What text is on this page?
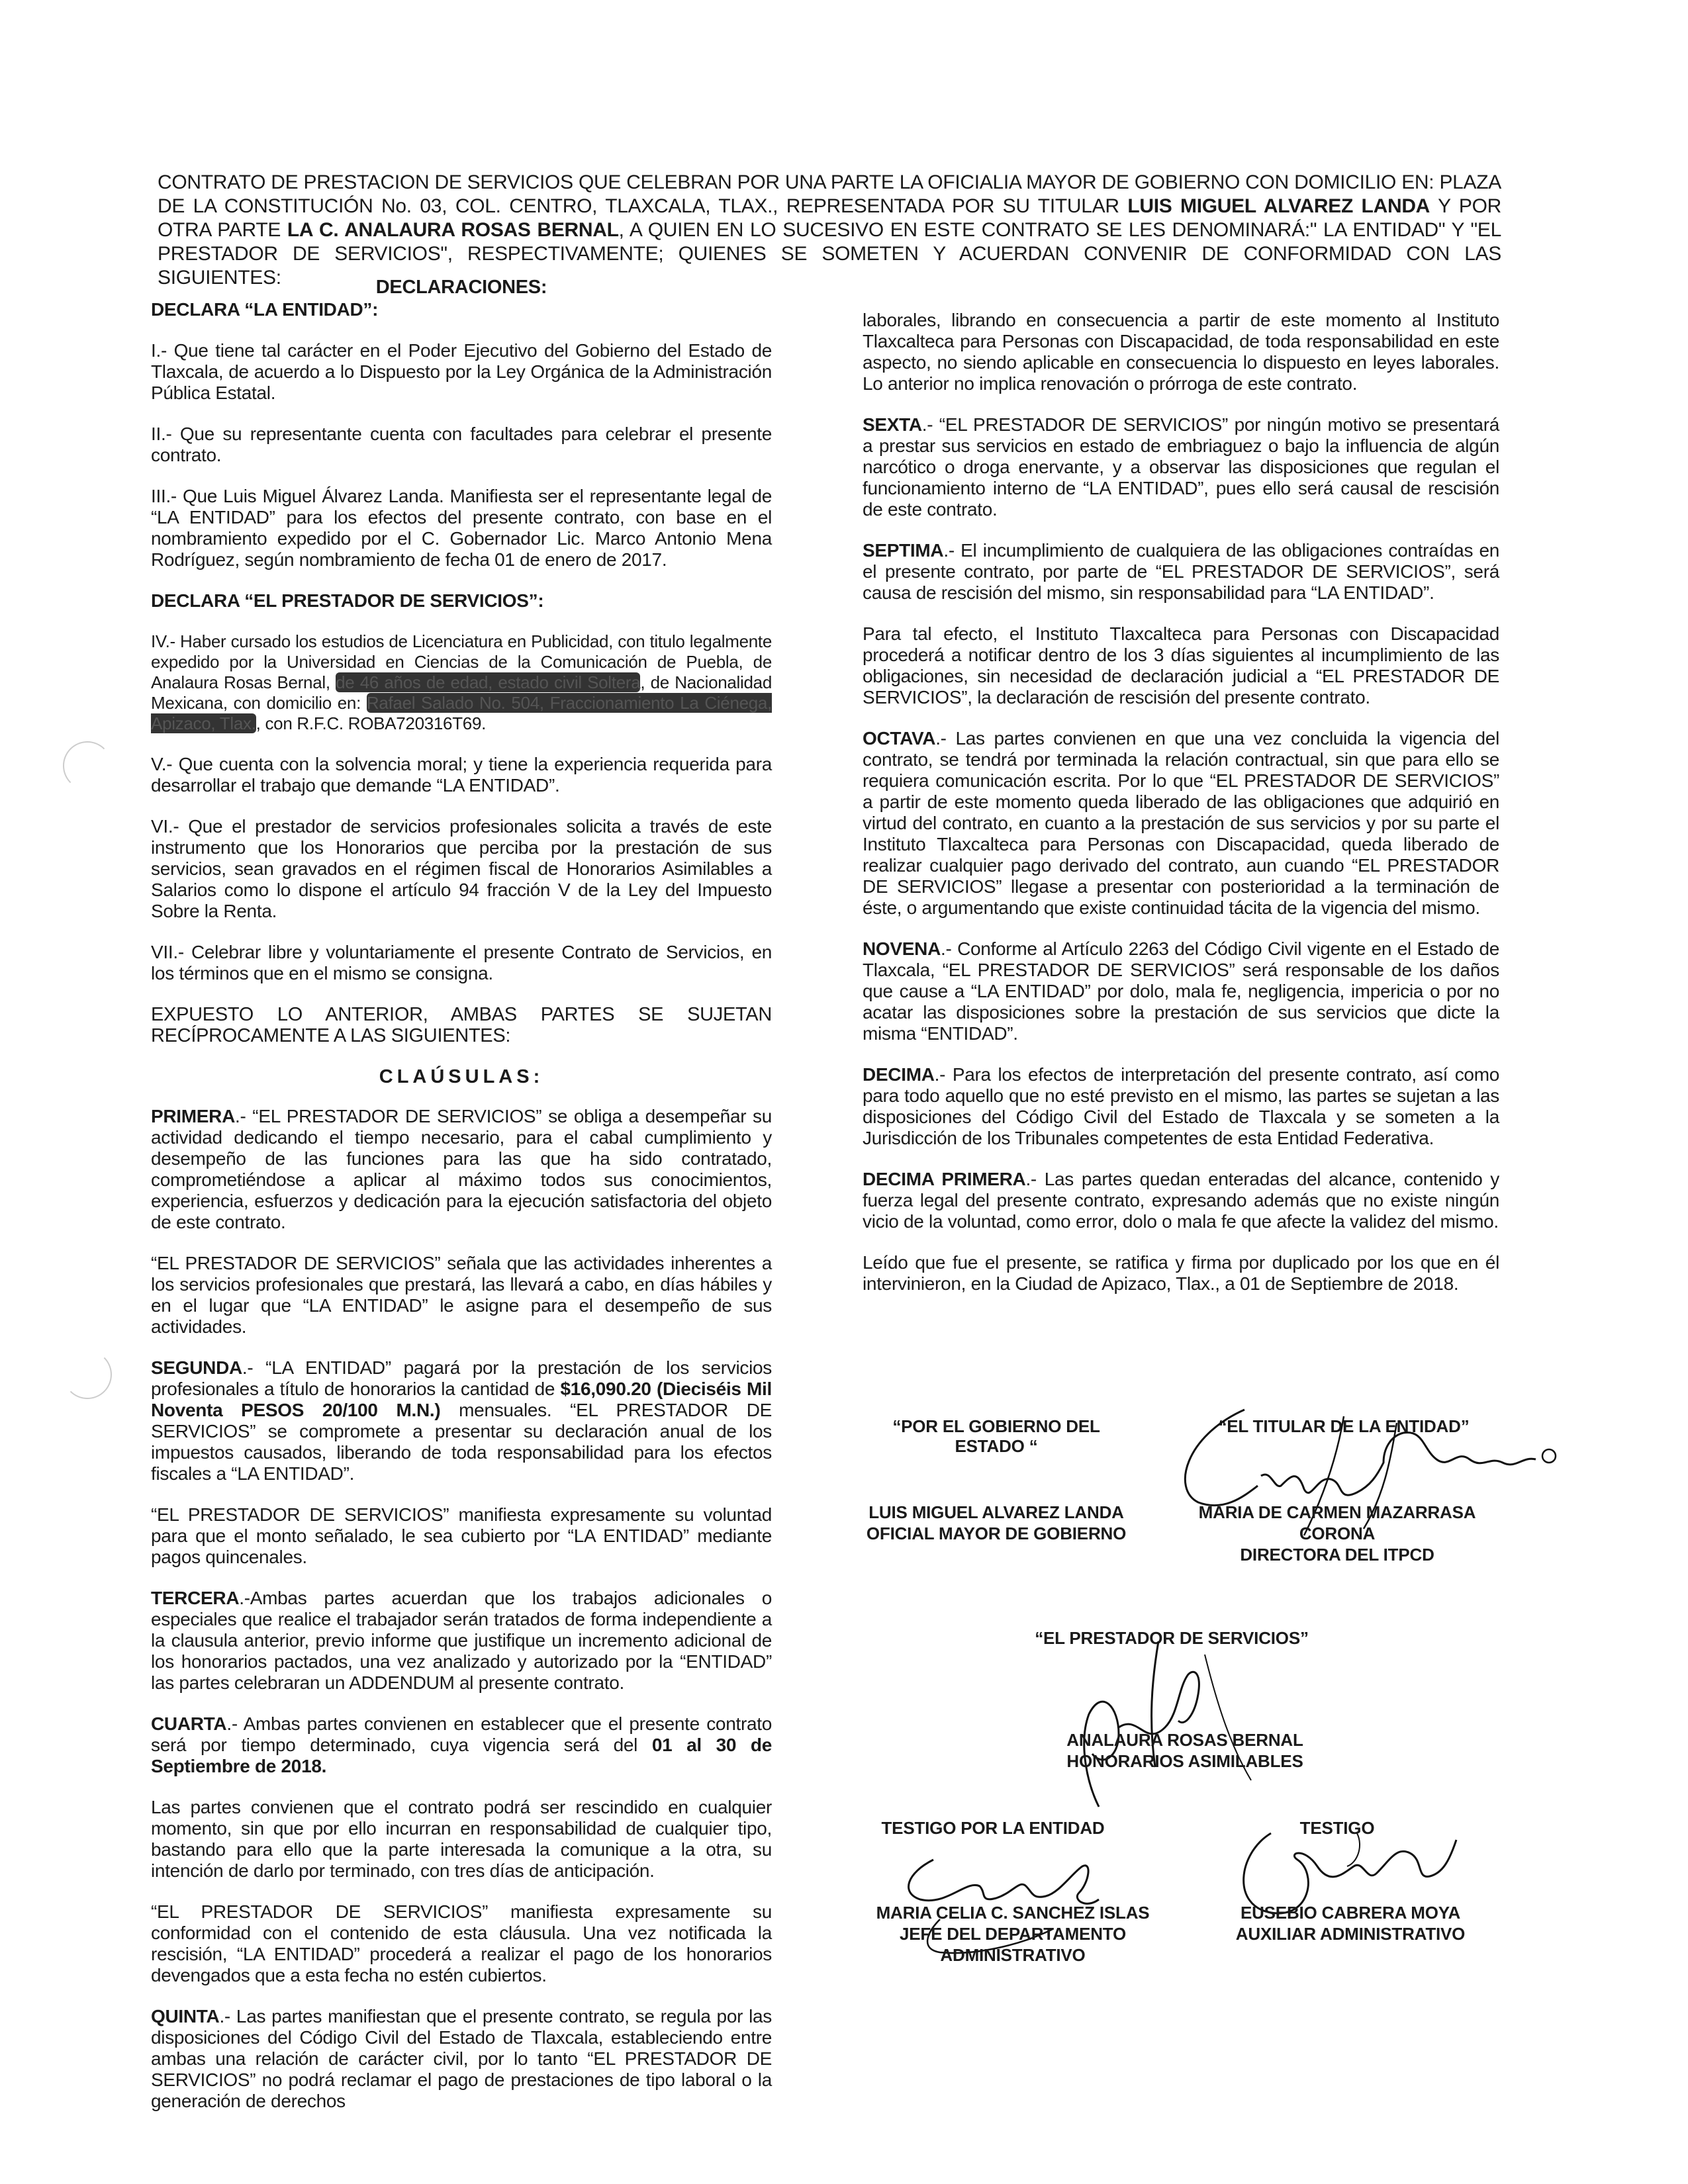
CONTRATO DE PRESTACION DE SERVICIOS QUE CELEBRAN POR UNA PARTE LA OFICIALIA MAYOR DE GOBIERNO CON DOMICILIO EN: PLAZA DE LA CONSTITUCIÓN No. 03, COL. CENTRO, TLAXCALA, TLAX., REPRESENTADA POR SU TITULAR LUIS MIGUEL ALVAREZ LANDA Y POR OTRA PARTE LA C. ANALAURA ROSAS BERNAL, A QUIEN EN LO SUCESIVO EN ESTE CONTRATO SE LES DENOMINARÁ:" LA ENTIDAD" Y "EL PRESTADOR DE SERVICIOS", RESPECTIVAMENTE; QUIENES SE SOMETEN Y ACUERDAN CONVENIR DE CONFORMIDAD CON LAS SIGUIENTES:	DECLARACIONES:
DECLARA “LA ENTIDAD”:

I.- Que tiene tal carácter en el Poder Ejecutivo del Gobierno del Estado de Tlaxcala, de acuerdo a lo Dispuesto por la Ley Orgánica de la Administración Pública Estatal.

II.- Que su representante cuenta con facultades para celebrar el presente contrato.

III.- Que Luis Miguel Álvarez Landa. Manifiesta ser el representante legal de “LA ENTIDAD” para los efectos del presente contrato, con base en el nombramiento expedido por el C. Gobernador Lic. Marco Antonio Mena Rodríguez, según nombramiento de fecha 01 de enero de 2017.

DECLARA “EL PRESTADOR DE SERVICIOS”:

IV.- Haber cursado los estudios de Licenciatura en Publicidad, con titulo legalmente expedido por la Universidad en Ciencias de la Comunicación de Puebla, de Analaura Rosas Bernal, de 46 años de edad, estado civil Soltera, de Nacionalidad Mexicana, con domicilio en: Rafael Salado No. 504, Fraccionamiento La Ciénega, Apizaco, Tlax., con R.F.C. ROBA720316T69.

V.- Que cuenta con la solvencia moral; y tiene la experiencia requerida para desarrollar el trabajo que demande “LA ENTIDAD”.

VI.- Que el prestador de servicios profesionales solicita a través de este instrumento que los Honorarios que perciba por la prestación de sus servicios, sean gravados en el régimen fiscal de Honorarios Asimilables a Salarios como lo dispone el artículo 94 fracción V de la Ley del Impuesto Sobre la Renta.

VII.- Celebrar libre y voluntariamente el presente Contrato de Servicios, en los términos que en el mismo se consigna.

EXPUESTO LO ANTERIOR, AMBAS PARTES SE SUJETAN RECÍPROCAMENTE A LAS SIGUIENTES:

CLAÚSULAS:

PRIMERA.- “EL PRESTADOR DE SERVICIOS” se obliga a desempeñar su actividad dedicando el tiempo necesario, para el cabal cumplimiento y desempeño de las funciones para las que ha sido contratado, comprometiéndose a aplicar al máximo todos sus conocimientos, experiencia, esfuerzos y dedicación para la ejecución satisfactoria del objeto de este contrato.

“EL PRESTADOR DE SERVICIOS” señala que las actividades inherentes a los servicios profesionales que prestará, las llevará a cabo, en días hábiles y en el lugar que “LA ENTIDAD” le asigne para el desempeño de sus actividades.

SEGUNDA.- “LA ENTIDAD” pagará por la prestación de los servicios profesionales a título de honorarios la cantidad de $16,090.20 (Dieciséis Mil Noventa PESOS 20/100 M.N.) mensuales. “EL PRESTADOR DE SERVICIOS” se compromete a presentar su declaración anual de los impuestos causados, liberando de toda responsabilidad para los efectos fiscales a “LA ENTIDAD”.

“EL PRESTADOR DE SERVICIOS” manifiesta expresamente su voluntad para que el monto señalado, le sea cubierto por “LA ENTIDAD” mediante pagos quincenales.

TERCERA.-Ambas partes acuerdan que los trabajos adicionales o especiales que realice el trabajador serán tratados de forma independiente a la clausula anterior, previo informe que justifique un incremento adicional de los honorarios pactados, una vez analizado y autorizado por la “ENTIDAD” las partes celebraran un ADDENDUM al presente contrato.

CUARTA.- Ambas partes convienen en establecer que el presente contrato será por tiempo determinado, cuya vigencia será del 01 al 30 de Septiembre de 2018.

Las partes convienen que el contrato podrá ser rescindido en cualquier momento, sin que por ello incurran en responsabilidad de cualquier tipo, bastando para ello que la parte interesada la comunique a la otra, su intención de darlo por terminado, con tres días de anticipación.

“EL PRESTADOR DE SERVICIOS” manifiesta expresamente su conformidad con el contenido de esta cláusula. Una vez notificada la rescisión, “LA ENTIDAD” procederá a realizar el pago de los honorarios devengados que a esta fecha no estén cubiertos.

QUINTA.- Las partes manifiestan que el presente contrato, se regula por las disposiciones del Código Civil del Estado de Tlaxcala, estableciendo entre ambas una relación de carácter civil, por lo tanto “EL PRESTADOR DE SERVICIOS” no podrá reclamar el pago de prestaciones de tipo laboral o la generación de derechos

laborales, librando en consecuencia a partir de este momento al Instituto Tlaxcalteca para Personas con Discapacidad, de toda responsabilidad en este aspecto, no siendo aplicable en consecuencia lo dispuesto en leyes laborales. Lo anterior no implica renovación o prórroga de este contrato.

SEXTA.- “EL PRESTADOR DE SERVICIOS” por ningún motivo se presentará a prestar sus servicios en estado de embriaguez o bajo la influencia de algún narcótico o droga enervante, y a observar las disposiciones que regulan el funcionamiento interno de “LA ENTIDAD”, pues ello será causal de rescisión de este contrato.

SEPTIMA.- El incumplimiento de cualquiera de las obligaciones contraídas en el presente contrato, por parte de “EL PRESTADOR DE SERVICIOS”, será causa de rescisión del mismo, sin responsabilidad para “LA ENTIDAD”.

Para tal efecto, el Instituto Tlaxcalteca para Personas con Discapacidad procederá a notificar dentro de los 3 días siguientes al incumplimiento de las obligaciones, sin necesidad de declaración judicial a “EL PRESTADOR DE SERVICIOS”, la declaración de rescisión del presente contrato.

OCTAVA.- Las partes convienen en que una vez concluida la vigencia del contrato, se tendrá por terminada la relación contractual, sin que para ello se requiera comunicación escrita. Por lo que “EL PRESTADOR DE SERVICIOS” a partir de este momento queda liberado de las obligaciones que adquirió en virtud del contrato, en cuanto a la prestación de sus servicios y por su parte el Instituto Tlaxcalteca para Personas con Discapacidad, queda liberado de realizar cualquier pago derivado del contrato, aun cuando “EL PRESTADOR DE SERVICIOS” llegase a presentar con posterioridad a la terminación de éste, o argumentando que existe continuidad tácita de la vigencia del mismo.

NOVENA.- Conforme al Artículo 2263 del Código Civil vigente en el Estado de Tlaxcala, “EL PRESTADOR DE SERVICIOS” será responsable de los daños que cause a “LA ENTIDAD” por dolo, mala fe, negligencia, impericia o por no acatar las disposiciones sobre la prestación de sus servicios que dicte la misma “ENTIDAD”.

DECIMA.- Para los efectos de interpretación del presente contrato, así como para todo aquello que no esté previsto en el mismo, las partes se sujetan a las disposiciones del Código Civil del Estado de Tlaxcala y se someten a la Jurisdicción de los Tribunales competentes de esta Entidad Federativa.

DECIMA PRIMERA.- Las partes quedan enteradas del alcance, contenido y fuerza legal del presente contrato, expresando además que no existe ningún vicio de la voluntad, como error, dolo o mala fe que afecte la validez del mismo.

Leído que fue el presente, se ratifica y firma por duplicado por los que en él intervinieron, en la Ciudad de Apizaco, Tlax., a 01 de Septiembre de 2018.

“POR EL GOBIERNO DEL ESTADO “
“EL TITULAR DE LA ENTIDAD”
LUIS MIGUEL ALVAREZ LANDA
OFICIAL MAYOR DE GOBIERNO
MARIA DE CARMEN MAZARRASA
CORONA
DIRECTORA DEL ITPCD
“EL PRESTADOR DE SERVICIOS”
ANALAURA ROSAS BERNAL
HONORARIOS ASIMILABLES
TESTIGO POR LA ENTIDAD	TESTIGO
MARIA CELIA C. SANCHEZ ISLAS
JEFE DEL DEPARTAMENTO
ADMINISTRATIVO
EUSEBIO CABRERA MOYA
AUXILIAR ADMINISTRATIVO
